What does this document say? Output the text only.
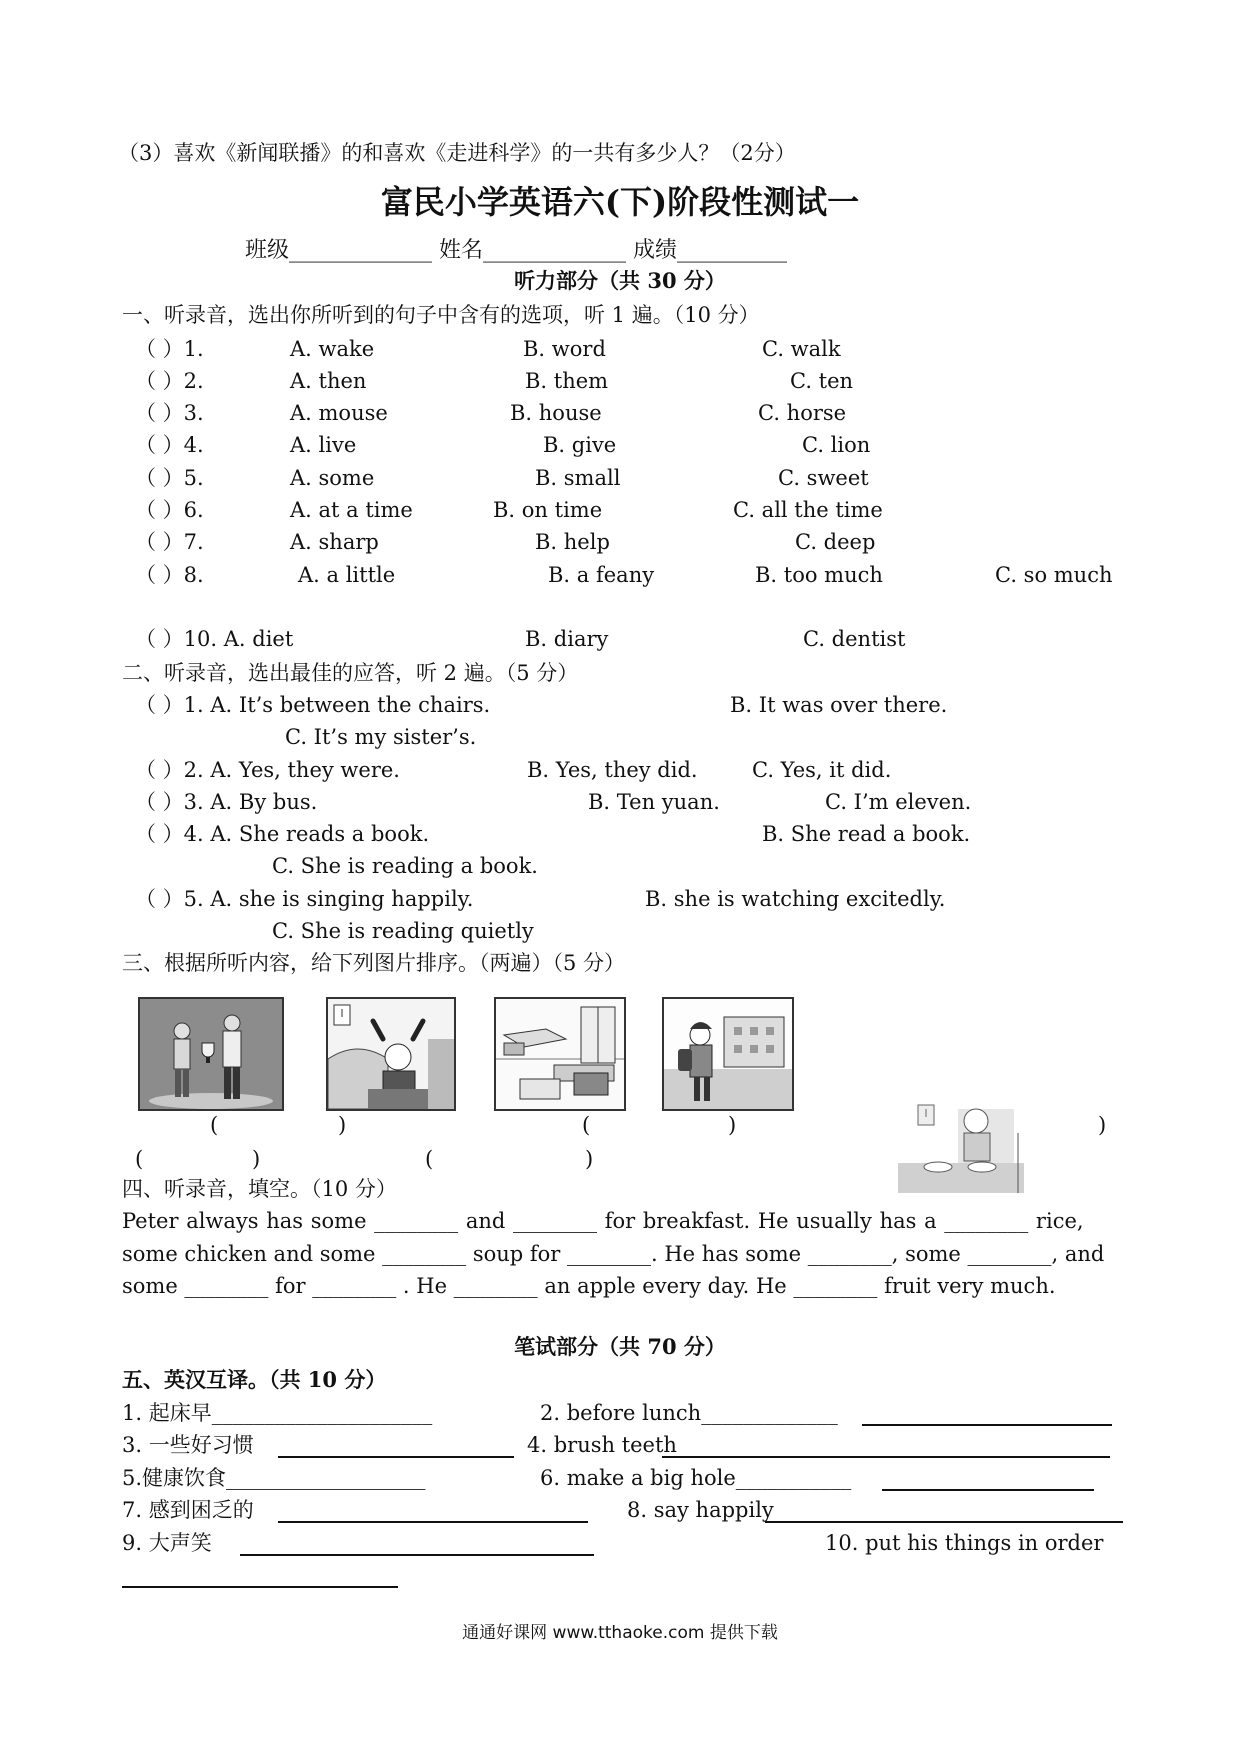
（3）喜欢《新闻联播》的和喜欢《走进科学》的一共有多少人？（2分）
富民小学英语六(下)阶段性测试一
班级_____________ 姓名_____________ 成绩__________
听力部分（共 30 分）
一、听录音，选出你所听到的句子中含有的选项，听 1 遍。（10 分）
（ ）1.	A. wake	B. word	C. walk
（ ）2.	A. then	B. them	C. ten
（ ）3.	A. mouse	B. house	C. horse
（ ）4.	A. live	B. give	C. lion
（ ）5.	A. some	B. small	C. sweet
（ ）6.	A. at a time	B. on time	C. all the time
（ ）7.	A. sharp	B. help	C. deep
（ ）8.	A. a little	B. a feany	B. too much	C. so much
（ ）10. A. diet	B. diary	C. dentist
二、听录音，选出最佳的应答，听 2 遍。（5 分）
（ ）1. A. It’s between the chairs.	B. It was over there.
C. It’s my sister’s.
（ ）2. A. Yes, they were.	B. Yes, they did.	C. Yes, it did.
（ ）3. A. By bus.	B. Ten yuan.	C. I’m eleven.
（ ）4. A. She reads a book.	B. She read a book.
C. She is reading a book.
（ ）5. A. she is singing happily.	B. she is watching excitedly.
C. She is reading quietly
三、根据所听内容，给下列图片排序。（两遍）（5 分）
(	)	(	)	)
(	)	(	)
四、听录音，填空。（10 分）
Peter always has some ________ and ________ for breakfast. He usually has a ________ rice,
some chicken and some ________ soup for ________. He has some ________, some ________, and
some ________ for ________ . He ________ an apple every day. He ________ fruit very much.
笔试部分（共 70 分）
五、英汉互译。（共 10 分）
1. 起床早_____________________	2. before lunch_____________
3. 一些好习惯	4. brush teeth
5.健康饮食___________________	6. make a big hole___________
7. 感到困乏的	8. say happily
9. 大声笑	10. put his things in order
通通好课网 www.tthaoke.com 提供下载
